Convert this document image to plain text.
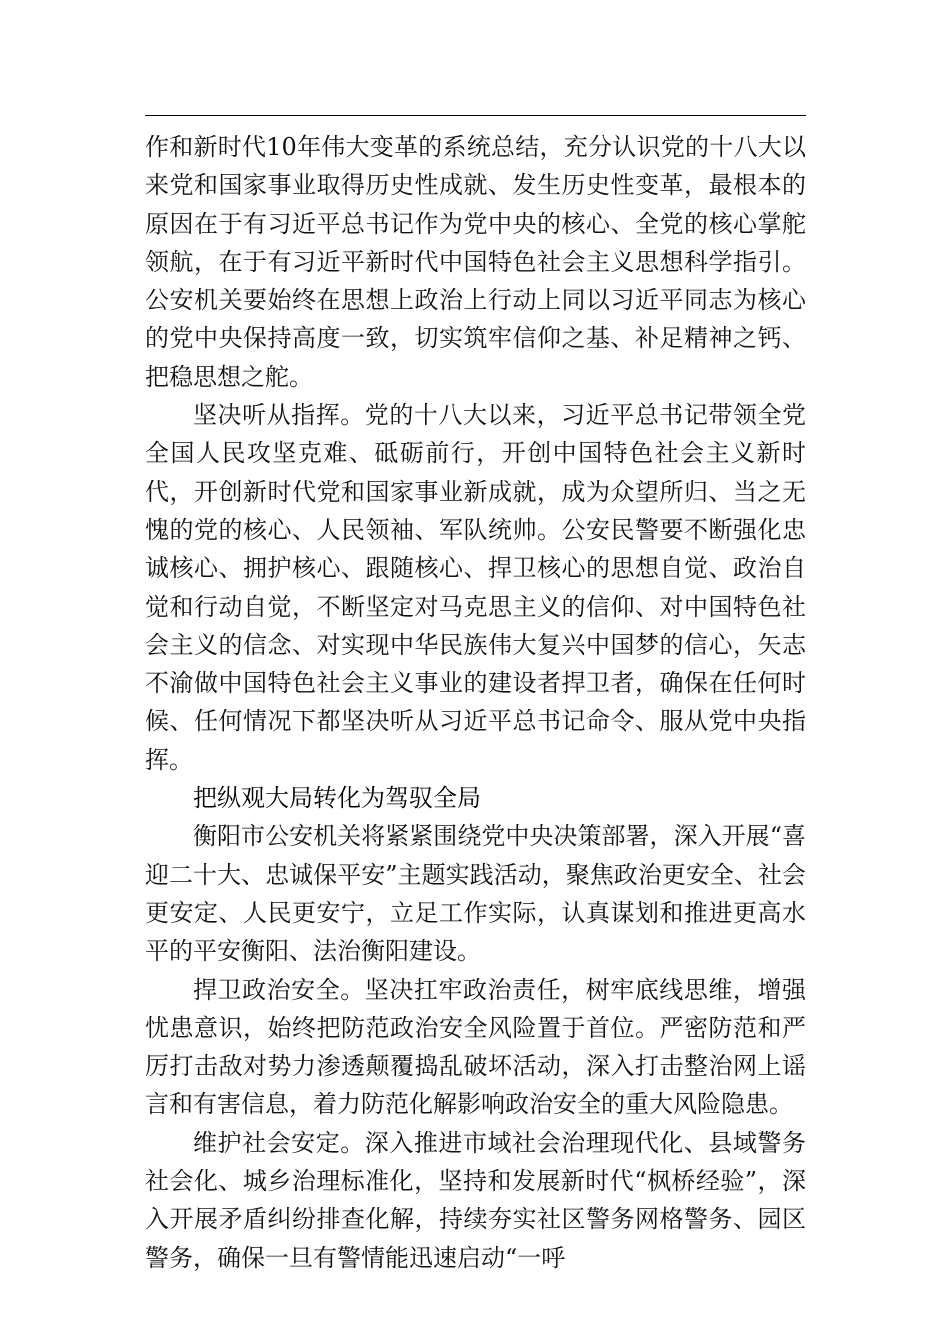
作和新时代10年伟大变革的系统总结，充分认识党的十八大以来党和国家事业取得历史性成就、发生历史性变革，最根本的原因在于有习近平总书记作为党中央的核心、全党的核心掌舵领航，在于有习近平新时代中国特色社会主义思想科学指引。公安机关要始终在思想上政治上行动上同以习近平同志为核心的党中央保持高度一致，切实筑牢信仰之基、补足精神之钙、把稳思想之舵。

坚决听从指挥。党的十八大以来，习近平总书记带领全党全国人民攻坚克难、砥砺前行，开创中国特色社会主义新时代，开创新时代党和国家事业新成就，成为众望所归、当之无愧的党的核心、人民领袖、军队统帅。公安民警要不断强化忠诚核心、拥护核心、跟随核心、捍卫核心的思想自觉、政治自觉和行动自觉，不断坚定对马克思主义的信仰、对中国特色社会主义的信念、对实现中华民族伟大复兴中国梦的信心，矢志不渝做中国特色社会主义事业的建设者捍卫者，确保在任何时候、任何情况下都坚决听从习近平总书记命令、服从党中央指挥。

把纵观大局转化为驾驭全局

衡阳市公安机关将紧紧围绕党中央决策部署，深入开展“喜迎二十大、忠诚保平安”主题实践活动，聚焦政治更安全、社会更安定、人民更安宁，立足工作实际，认真谋划和推进更高水平的平安衡阳、法治衡阳建设。

捍卫政治安全。坚决扛牢政治责任，树牢底线思维，增强忧患意识，始终把防范政治安全风险置于首位。严密防范和严厉打击敌对势力渗透颠覆捣乱破坏活动，深入打击整治网上谣言和有害信息，着力防范化解影响政治安全的重大风险隐患。

维护社会安定。深入推进市域社会治理现代化、县域警务社会化、城乡治理标准化，坚持和发展新时代“枫桥经验”，深入开展矛盾纠纷排查化解，持续夯实社区警务网格警务、园区警务，确保一旦有警情能迅速启动“一呼
